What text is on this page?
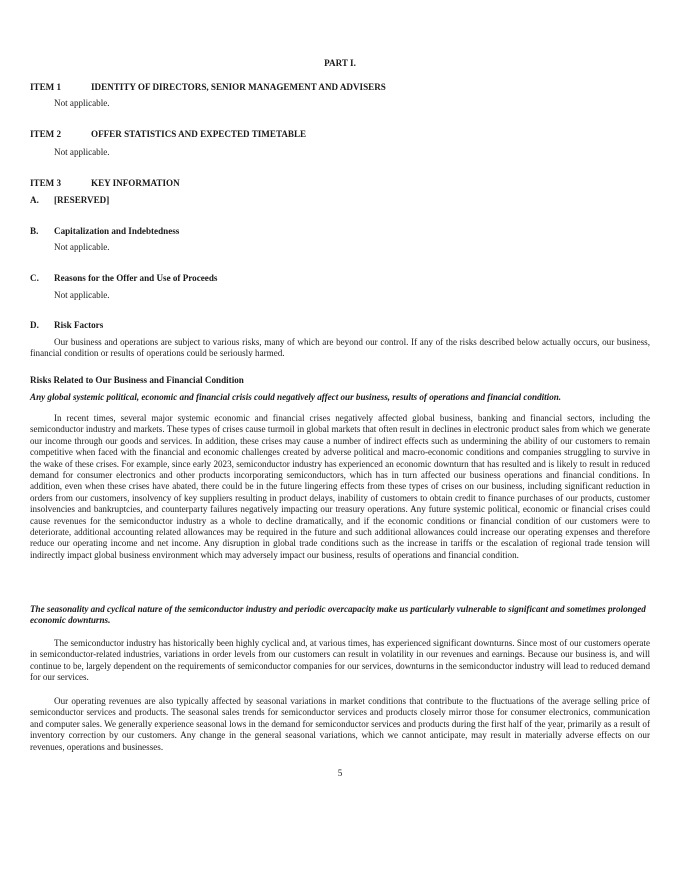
PART I.

ITEM 1	IDENTITY OF DIRECTORS, SENIOR MANAGEMENT AND ADVISERS

Not applicable.

ITEM 2	OFFER STATISTICS AND EXPECTED TIMETABLE

Not applicable.

ITEM 3	KEY INFORMATION

A. [RESERVED]

B. Capitalization and Indebtedness

Not applicable.

C. Reasons for the Offer and Use of Proceeds

Not applicable.

D. Risk Factors

Our business and operations are subject to various risks, many of which are beyond our control. If any of the risks described below actually occurs, our business, financial condition or results of operations could be seriously harmed.

Risks Related to Our Business and Financial Condition

Any global systemic political, economic and financial crisis could negatively affect our business, results of operations and financial condition.

In recent times, several major systemic economic and financial crises negatively affected global business, banking and financial sectors, including the semiconductor industry and markets. These types of crises cause turmoil in global markets that often result in declines in electronic product sales from which we generate our income through our goods and services. In addition, these crises may cause a number of indirect effects such as undermining the ability of our customers to remain competitive when faced with the financial and economic challenges created by adverse political and macro-economic conditions and companies struggling to survive in the wake of these crises. For example, since early 2023, semiconductor industry has experienced an economic downturn that has resulted and is likely to result in reduced demand for consumer electronics and other products incorporating semiconductors, which has in turn affected our business operations and financial conditions. In addition, even when these crises have abated, there could be in the future lingering effects from these types of crises on our business, including significant reduction in orders from our customers, insolvency of key suppliers resulting in product delays, inability of customers to obtain credit to finance purchases of our products, customer insolvencies and bankruptcies, and counterparty failures negatively impacting our treasury operations. Any future systemic political, economic or financial crises could cause revenues for the semiconductor industry as a whole to decline dramatically, and if the economic conditions or financial condition of our customers were to deteriorate, additional accounting related allowances may be required in the future and such additional allowances could increase our operating expenses and therefore reduce our operating income and net income. Any disruption in global trade conditions such as the increase in tariffs or the escalation of regional trade tension will indirectly impact global business environment which may adversely impact our business, results of operations and financial condition.

The seasonality and cyclical nature of the semiconductor industry and periodic overcapacity make us particularly vulnerable to significant and sometimes prolonged economic downturns.

The semiconductor industry has historically been highly cyclical and, at various times, has experienced significant downturns. Since most of our customers operate in semiconductor-related industries, variations in order levels from our customers can result in volatility in our revenues and earnings. Because our business is, and will continue to be, largely dependent on the requirements of semiconductor companies for our services, downturns in the semiconductor industry will lead to reduced demand for our services.

Our operating revenues are also typically affected by seasonal variations in market conditions that contribute to the fluctuations of the average selling price of semiconductor services and products. The seasonal sales trends for semiconductor services and products closely mirror those for consumer electronics, communication and computer sales. We generally experience seasonal lows in the demand for semiconductor services and products during the first half of the year, primarily as a result of inventory correction by our customers. Any change in the general seasonal variations, which we cannot anticipate, may result in materially adverse effects on our revenues, operations and businesses.

5
